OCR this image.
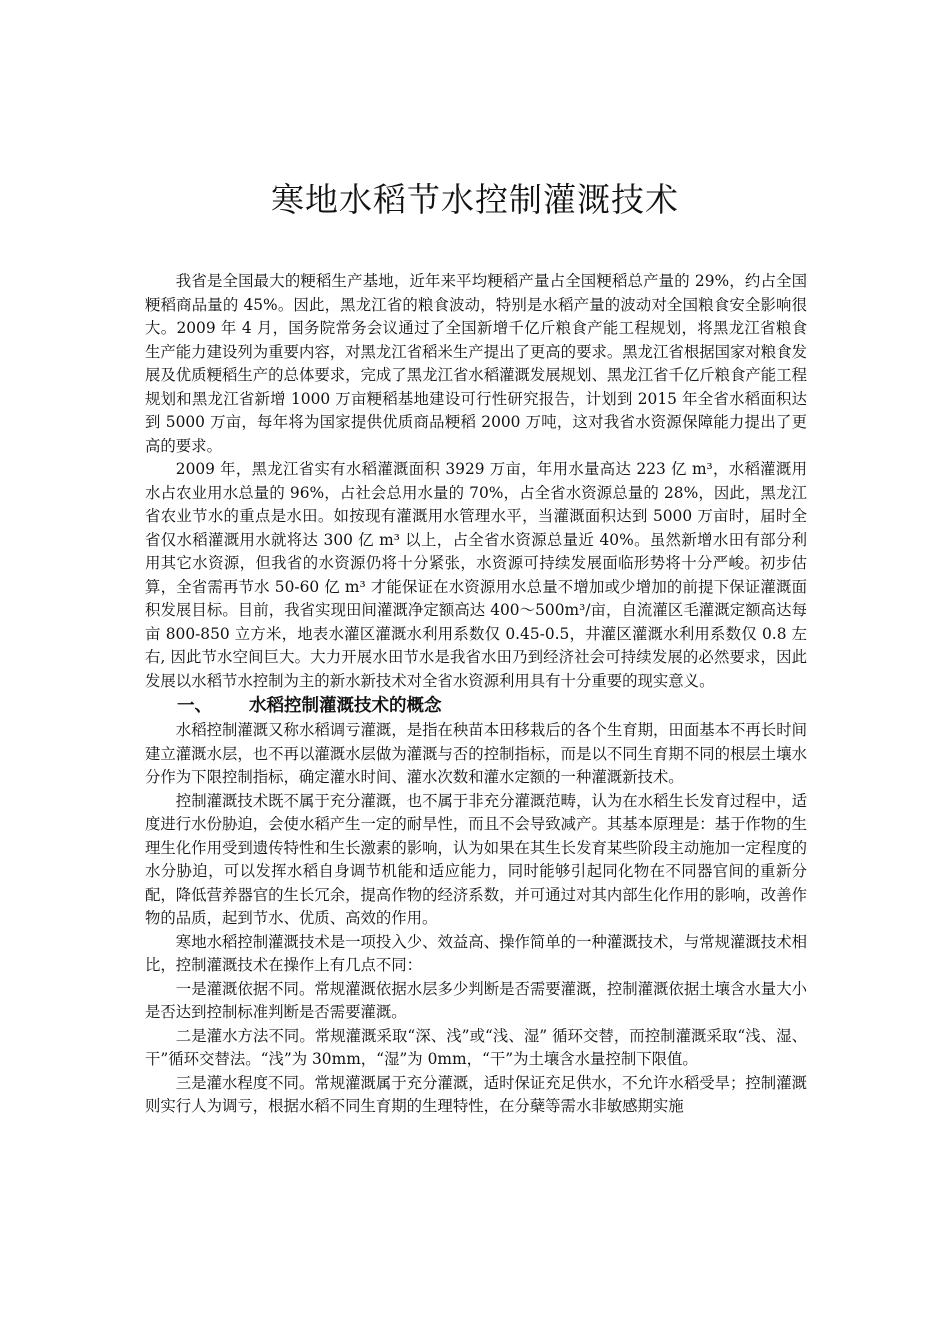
寒地水稻节水控制灌溉技术

我省是全国最大的粳稻生产基地，近年来平均粳稻产量占全国粳稻总产量的 29%，约占全国粳稻商品量的 45%。因此，黑龙江省的粮食波动，特别是水稻产量的波动对全国粮食安全影响很大。2009 年 4 月，国务院常务会议通过了全国新增千亿斤粮食产能工程规划，将黑龙江省粮食生产能力建设列为重要内容，对黑龙江省稻米生产提出了更高的要求。黑龙江省根据国家对粮食发展及优质粳稻生产的总体要求，完成了黑龙江省水稻灌溉发展规划、黑龙江省千亿斤粮食产能工程规划和黑龙江省新增 1000 万亩粳稻基地建设可行性研究报告，计划到 2015 年全省水稻面积达到 5000 万亩，每年将为国家提供优质商品粳稻 2000 万吨，这对我省水资源保障能力提出了更高的要求。

2009 年，黑龙江省实有水稻灌溉面积 3929 万亩，年用水量高达 223 亿 m³，水稻灌溉用水占农业用水总量的 96%，占社会总用水量的 70%，占全省水资源总量的 28%，因此，黑龙江省农业节水的重点是水田。如按现有灌溉用水管理水平，当灌溉面积达到 5000 万亩时，届时全省仅水稻灌溉用水就将达 300 亿 m³ 以上，占全省水资源总量近 40%。虽然新增水田有部分利用其它水资源，但我省的水资源仍将十分紧张，水资源可持续发展面临形势将十分严峻。初步估算，全省需再节水 50-60 亿 m³ 才能保证在水资源用水总量不增加或少增加的前提下保证灌溉面积发展目标。目前，我省实现田间灌溉净定额高达 400～500m³/亩，自流灌区毛灌溉定额高达每亩 800-850 立方米，地表水灌区灌溉水利用系数仅 0.45-0.5，井灌区灌溉水利用系数仅 0.8 左右, 因此节水空间巨大。大力开展水田节水是我省水田乃到经济社会可持续发展的必然要求，因此发展以水稻节水控制为主的新水新技术对全省水资源利用具有十分重要的现实意义。

一、 水稻控制灌溉技术的概念

水稻控制灌溉又称水稻调亏灌溉，是指在秧苗本田移栽后的各个生育期，田面基本不再长时间建立灌溉水层，也不再以灌溉水层做为灌溉与否的控制指标，而是以不同生育期不同的根层土壤水分作为下限控制指标，确定灌水时间、灌水次数和灌水定额的一种灌溉新技术。

控制灌溉技术既不属于充分灌溉，也不属于非充分灌溉范畴，认为在水稻生长发育过程中，适度进行水份胁迫，会使水稻产生一定的耐旱性，而且不会导致减产。其基本原理是：基于作物的生理生化作用受到遗传特性和生长激素的影响，认为如果在其生长发育某些阶段主动施加一定程度的水分胁迫，可以发挥水稻自身调节机能和适应能力，同时能够引起同化物在不同器官间的重新分配，降低营养器官的生长冗余，提高作物的经济系数，并可通过对其内部生化作用的影响，改善作物的品质，起到节水、优质、高效的作用。

寒地水稻控制灌溉技术是一项投入少、效益高、操作简单的一种灌溉技术，与常规灌溉技术相比，控制灌溉技术在操作上有几点不同：

一是灌溉依据不同。常规灌溉依据水层多少判断是否需要灌溉，控制灌溉依据土壤含水量大小是否达到控制标准判断是否需要灌溉。

二是灌水方法不同。常规灌溉采取“深、浅”或“浅、湿” 循环交替，而控制灌溉采取“浅、湿、干”循环交替法。“浅”为 30mm，“湿”为 0mm，“干”为土壤含水量控制下限值。

三是灌水程度不同。常规灌溉属于充分灌溉，适时保证充足供水，不允许水稻受旱；控制灌溉则实行人为调亏，根据水稻不同生育期的生理特性，在分蘖等需水非敏感期实施
